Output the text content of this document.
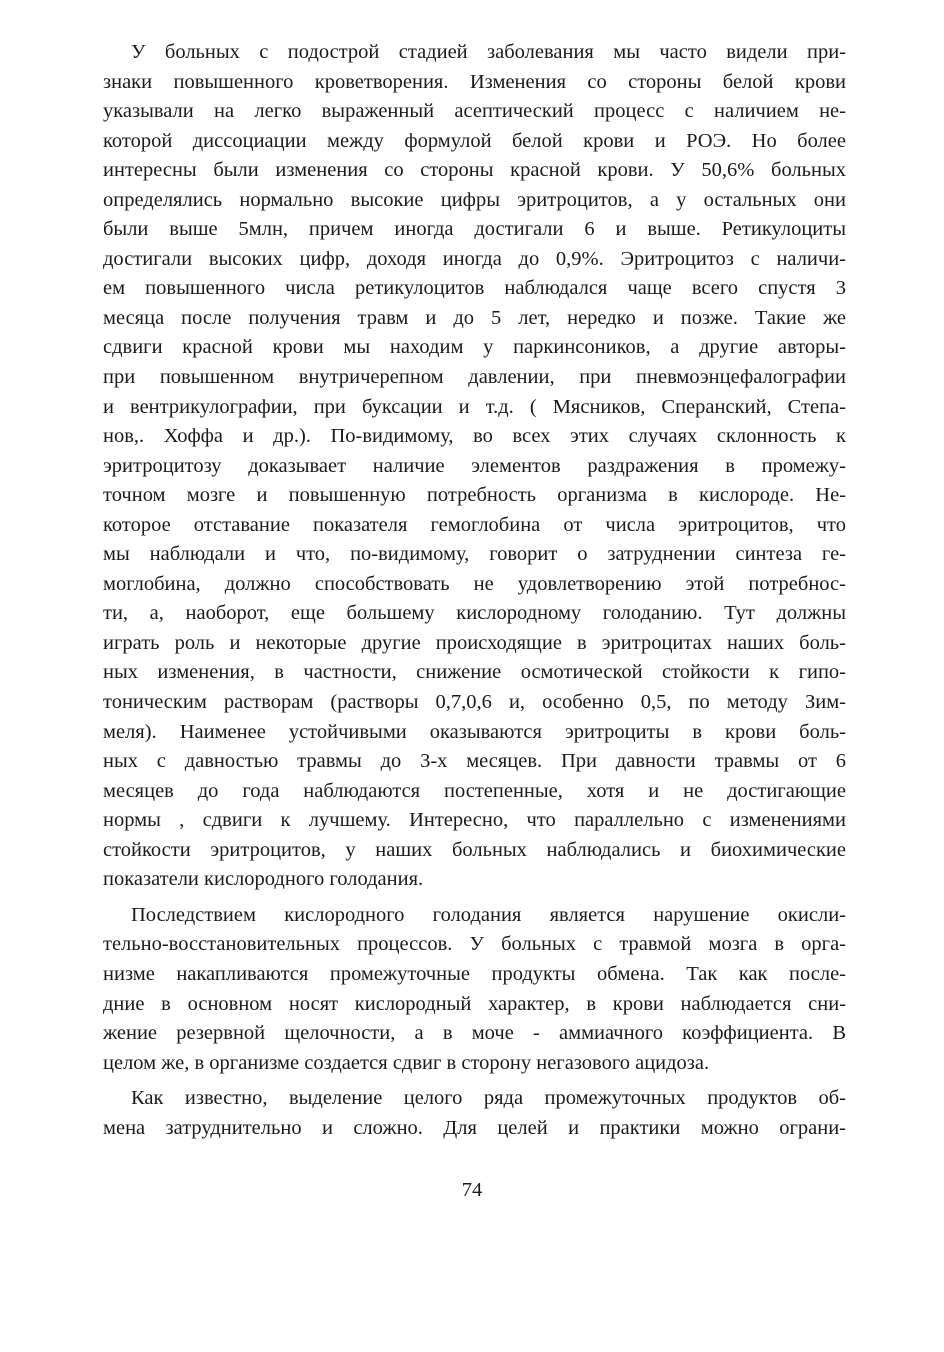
У больных с подострой стадией заболевания мы часто видели при-
знаки повышенного кроветворения. Изменения со стороны белой крови
указывали на легко выраженный асептический процесс с наличием не-
которой диссоциации между формулой белой крови и РОЭ. Но более
интересны были изменения со стороны красной крови. У 50,6% больных
определялись нормально высокие цифры эритроцитов, а у остальных они
были выше 5млн, причем иногда достигали 6 и выше. Ретикулоциты
достигали высоких цифр, доходя иногда до 0,9%. Эритроцитоз с наличи-
ем повышенного числа ретикулоцитов наблюдался чаще всего спустя 3
месяца после получения травм и до 5 лет, нередко и позже. Такие же
сдвиги красной крови мы находим у паркинсоников, а другие авторы-
при повышенном внутричерепном давлении, при пневмоэнцефалографии
и вентрикулографии, при буксации и т.д. ( Мясников, Сперанский, Степа-
нов,. Хоффа и др.). По-видимому, во всех этих случаях склонность к
эритроцитозу доказывает наличие элементов раздражения в промежу-
точном мозге и повышенную потребность организма в кислороде. Не-
которое отставание показателя гемоглобина от числа эритроцитов, что
мы наблюдали и что, по-видимому, говорит о затруднении синтеза ге-
моглобина, должно способствовать не удовлетворению этой потребнос-
ти, а, наоборот, еще большему кислородному голоданию. Тут должны
играть роль и некоторые другие происходящие в эритроцитах наших боль-
ных изменения, в частности, снижение осмотической стойкости к гипо-
тоническим растворам (растворы 0,7,0,6 и, особенно 0,5, по методу Зим-
меля). Наименее устойчивыми оказываются эритроциты в крови боль-
ных с давностью травмы до 3-х месяцев. При давности травмы от 6
месяцев до года наблюдаются постепенные, хотя и не достигающие
нормы , сдвиги к лучшему. Интересно, что параллельно с изменениями
стойкости эритроцитов, у наших больных наблюдались и биохимические
показатели кислородного голодания.
Последствием кислородного голодания является нарушение окисли-
тельно-восстановительных процессов. У больных с травмой мозга в орга-
низме накапливаются промежуточные продукты обмена. Так как после-
дние в основном носят кислородный характер, в крови наблюдается сни-
жение резервной щелочности, а в моче - аммиачного коэффициента. В
целом же, в организме создается сдвиг в сторону негазового ацидоза.
Как известно, выделение целого ряда промежуточных продуктов об-
мена затруднительно и сложно. Для целей и практики можно ограни-
74
